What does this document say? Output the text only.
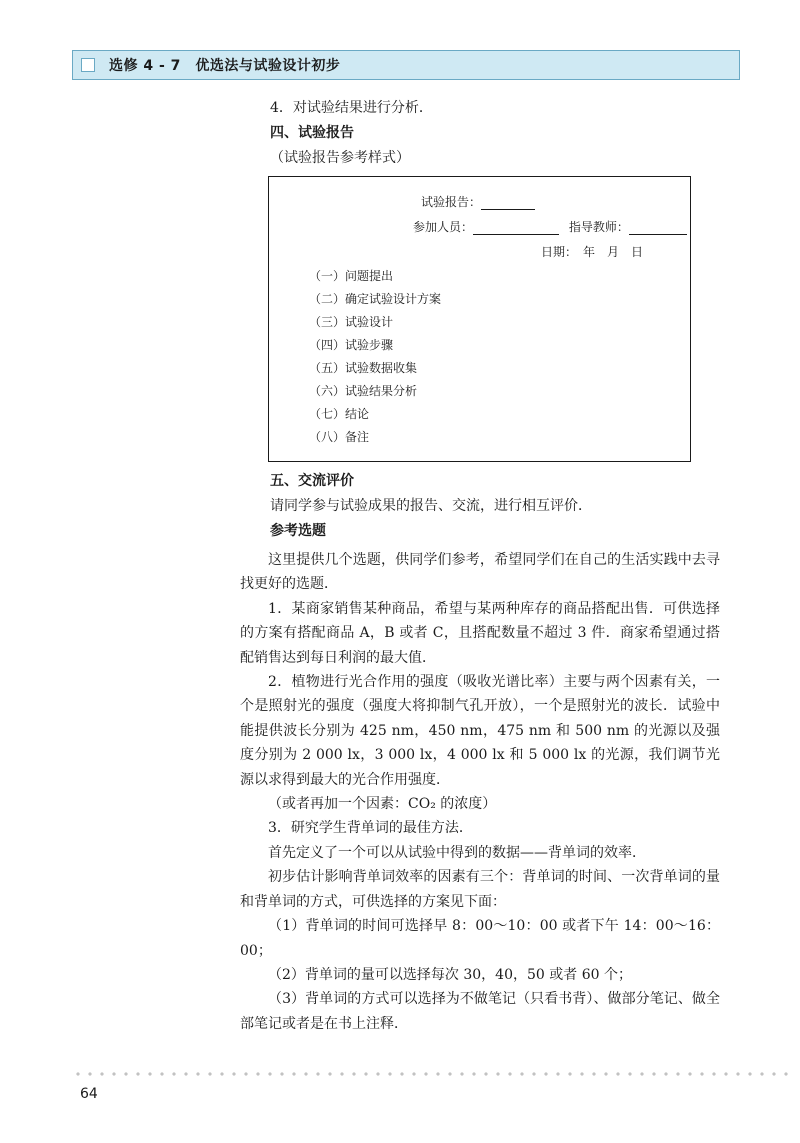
选修 4 - 7　优选法与试验设计初步
4．对试验结果进行分析．
四、试验报告
（试验报告参考样式）
试验报告：
参加人员：	指导教师：
日期：　年　月　日
（一）问题提出
（二）确定试验设计方案
（三）试验设计
（四）试验步骤
（五）试验数据收集
（六）试验结果分析
（七）结论
（八）备注
五、交流评价
请同学参与试验成果的报告、交流，进行相互评价．
参考选题

这里提供几个选题，供同学们参考，希望同学们在自己的生活实践中去寻找更好的选题．

1．某商家销售某种商品，希望与某两种库存的商品搭配出售．可供选择的方案有搭配商品 A，B 或者 C，且搭配数量不超过 3 件．商家希望通过搭配销售达到每日利润的最大值．

2．植物进行光合作用的强度（吸收光谱比率）主要与两个因素有关，一个是照射光的强度（强度大将抑制气孔开放），一个是照射光的波长．试验中能提供波长分别为 425 nm，450 nm，475 nm 和 500 nm 的光源以及强度分别为 2 000 lx，3 000 lx，4 000 lx 和 5 000 lx 的光源，我们调节光源以求得到最大的光合作用强度．

（或者再加一个因素：CO₂ 的浓度）

3．研究学生背单词的最佳方法．

首先定义了一个可以从试验中得到的数据——背单词的效率．

初步估计影响背单词效率的因素有三个：背单词的时间、一次背单词的量和背单词的方式，可供选择的方案见下面：

（1）背单词的时间可选择早 8：00～10：00 或者下午 14：00～16：00；

（2）背单词的量可以选择每次 30，40，50 或者 60 个；

（3）背单词的方式可以选择为不做笔记（只看书背）、做部分笔记、做全部笔记或者是在书上注释．

64
